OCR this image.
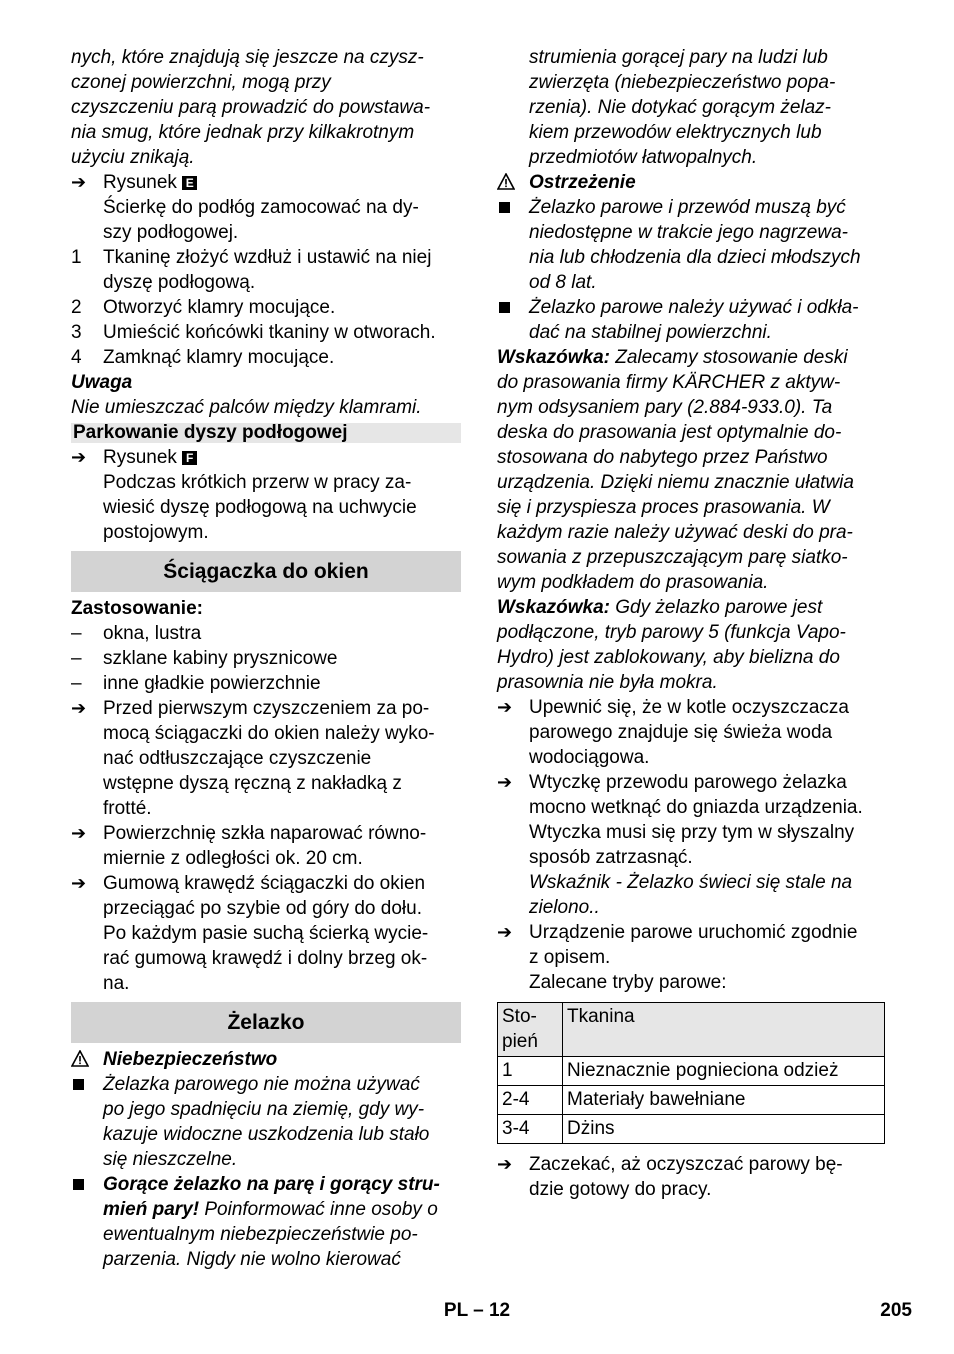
nych, które znajdują się jeszcze na czysz-
czonej powierzchni, mogą przy
czyszczeniu parą prowadzić do powstawa-
nia smug, które jednak przy kilkakrotnym
użyciu znikają.
➔ Rysunek E
Ścierkę do podłóg zamocować na dy-
szy podłogowej.
1	Tkaninę złożyć wzdłuż i ustawić na niej
dyszę podłogową.
2	Otworzyć klamry mocujące.
3	Umieścić końcówki tkaniny w otworach.
4	Zamknąć klamry mocujące.
Uwaga
Nie umieszczać palców między klamrami.
Parkowanie dyszy podłogowej
➔ Rysunek F
Podczas krótkich przerw w pracy za-
wiesić dyszę podłogową na uchwycie
postojowym.
Ściągaczka do okien
Zastosowanie:
–	okna, lustra
–	szklane kabiny prysznicowe
–	inne gładkie powierzchnie
➔ Przed pierwszym czyszczeniem za po-
mocą ściągaczki do okien należy wyko-
nać odtłuszczające czyszczenie
wstępne dyszą ręczną z nakładką z
frotté.
➔ Powierzchnię szkła naparować równo-
miernie z odległości ok. 20 cm.
➔ Gumową krawędź ściągaczki do okien
przeciągać po szybie od góry do dołu.
Po każdym pasie suchą ścierką wycie-
rać gumową krawędź i dolny brzeg ok-
na.
Żelazko
Niebezpieczeństwo
Żelazka parowego nie można używać
po jego spadnięciu na ziemię, gdy wy-
kazuje widoczne uszkodzenia lub stało
się nieszczelne.
Gorące żelazko na parę i gorący stru-
mień pary! Poinformować inne osoby o
ewentualnym niebezpieczeństwie po-
parzenia. Nigdy nie wolno kierować
strumienia gorącej pary na ludzi lub
zwierzęta (niebezpieczeństwo popa-
rzenia). Nie dotykać gorącym żelaz-
kiem przewodów elektrycznych lub
przedmiotów łatwopalnych.
Ostrzeżenie
Żelazko parowe i przewód muszą być
niedostępne w trakcie jego nagrzewa-
nia lub chłodzenia dla dzieci młodszych
od 8 lat.
Żelazko parowe należy używać i odkła-
dać na stabilnej powierzchni.
Wskazówka: Zalecamy stosowanie deski
do prasowania firmy KÄRCHER z aktyw-
nym odsysaniem pary (2.884-933.0). Ta
deska do prasowania jest optymalnie do-
stosowana do nabytego przez Państwo
urządzenia. Dzięki niemu znacznie ułatwia
się i przyspiesza proces prasowania. W
każdym razie należy używać deski do pra-
sowania z przepuszczającym parę siatko-
wym podkładem do prasowania.
Wskazówka: Gdy żelazko parowe jest
podłączone, tryb parowy 5 (funkcja Vapo-
Hydro) jest zablokowany, aby bielizna do
prasownia nie była mokra.
➔ Upewnić się, że w kotle oczyszczacza
parowego znajduje się świeża woda
wodociągowa.
➔ Wtyczkę przewodu parowego żelazka
mocno wetknąć do gniazda urządzenia.
Wtyczka musi się przy tym w słyszalny
sposób zatrzasnąć.
Wskaźnik - Żelazko świeci się stale na
zielono..
➔ Urządzenie parowe uruchomić zgodnie
z opisem.
Zalecane tryby parowe:
Sto-
pień	Tkanina
1	Nieznacznie pognieciona odzież
2-4	Materiały bawełniane
3-4	Dżins
➔ Zaczekać, aż oczyszczać parowy bę-
dzie gotowy do pracy.
PL – 12	205
